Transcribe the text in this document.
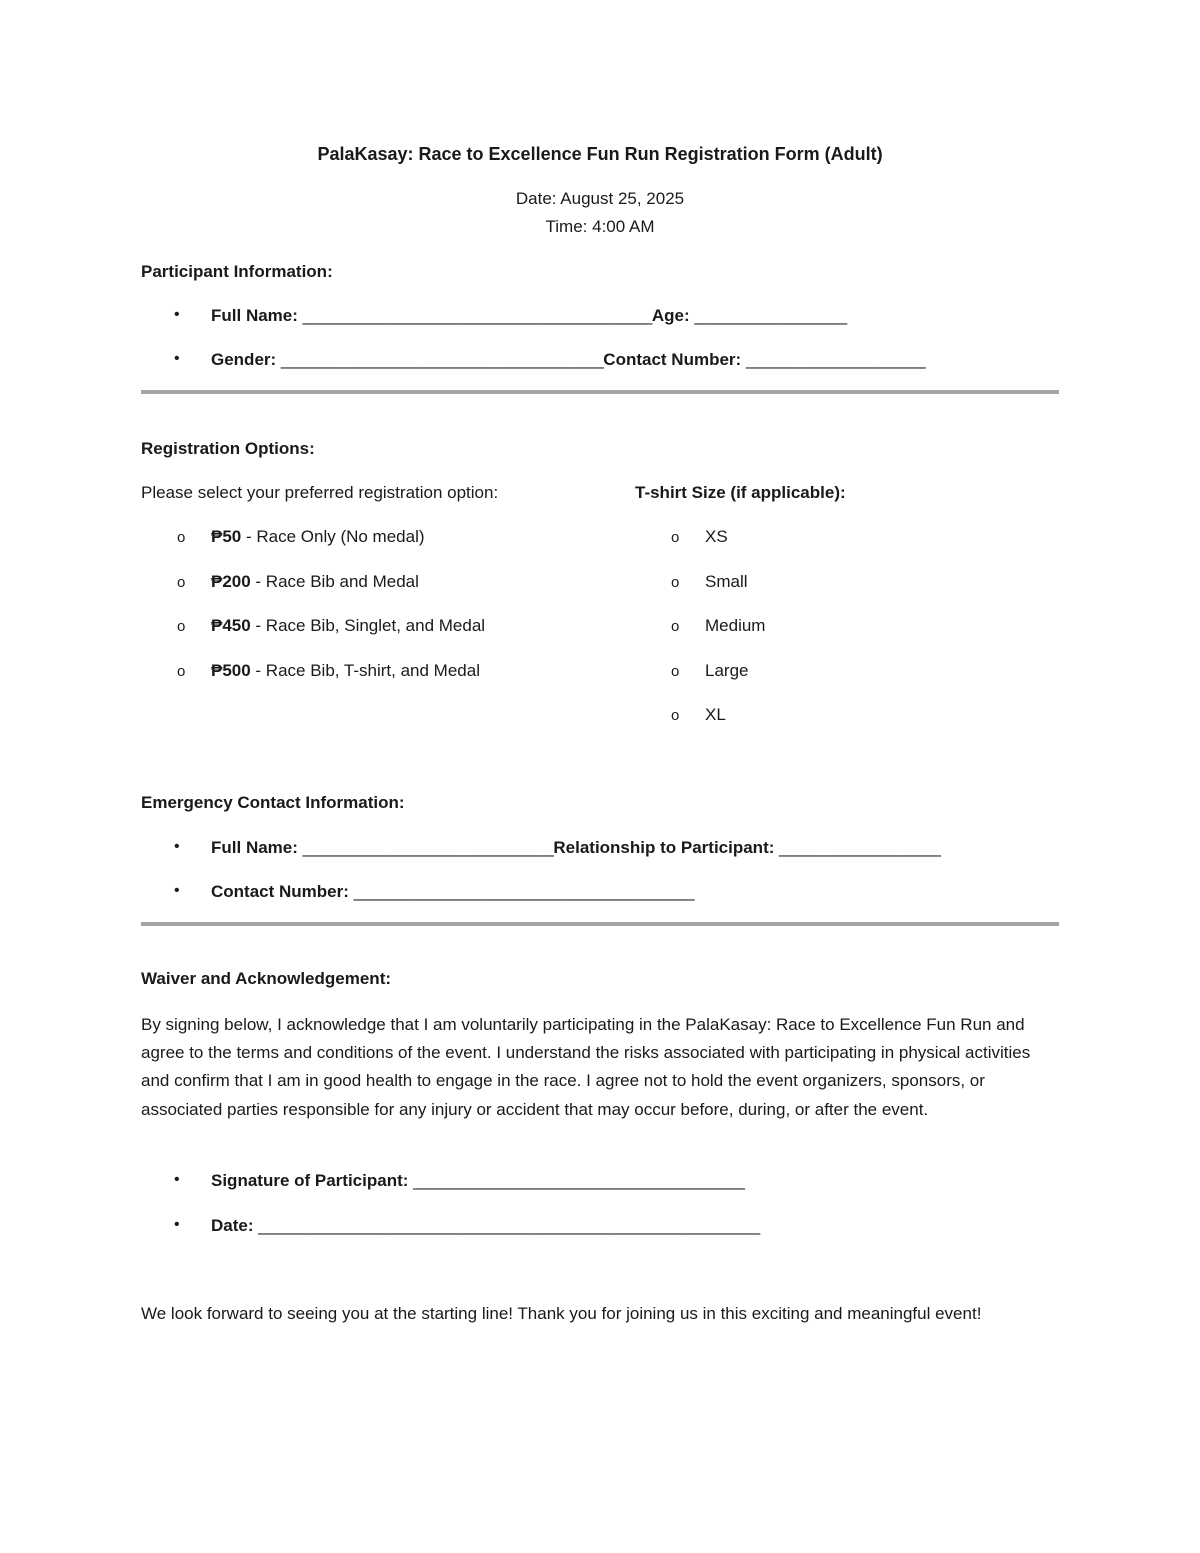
PalaKasay: Race to Excellence Fun Run Registration Form (Adult)
Date: August 25, 2025
Time: 4:00 AM
Participant Information:
• Full Name: _______________________________________Age: _________________
• Gender: ____________________________________Contact Number: ____________________
Registration Options:
Please select your preferred registration option:	T-shirt Size (if applicable):
o ₱50 - Race Only (No medal)
o ₱200 - Race Bib and Medal
o ₱450 - Race Bib, Singlet, and Medal
o ₱500 - Race Bib, T-shirt, and Medal
o XS
o Small
o Medium
o Large
o XL
Emergency Contact Information:
• Full Name: ____________________________Relationship to Participant: __________________
• Contact Number: ______________________________________
Waiver and Acknowledgement:
By signing below, I acknowledge that I am voluntarily participating in the PalaKasay: Race to Excellence Fun Run and agree to the terms and conditions of the event. I understand the risks associated with participating in physical activities and confirm that I am in good health to engage in the race. I agree not to hold the event organizers, sponsors, or associated parties responsible for any injury or accident that may occur before, during, or after the event.
• Signature of Participant: _____________________________________
• Date: ________________________________________________________
We look forward to seeing you at the starting line! Thank you for joining us in this exciting and meaningful event!
